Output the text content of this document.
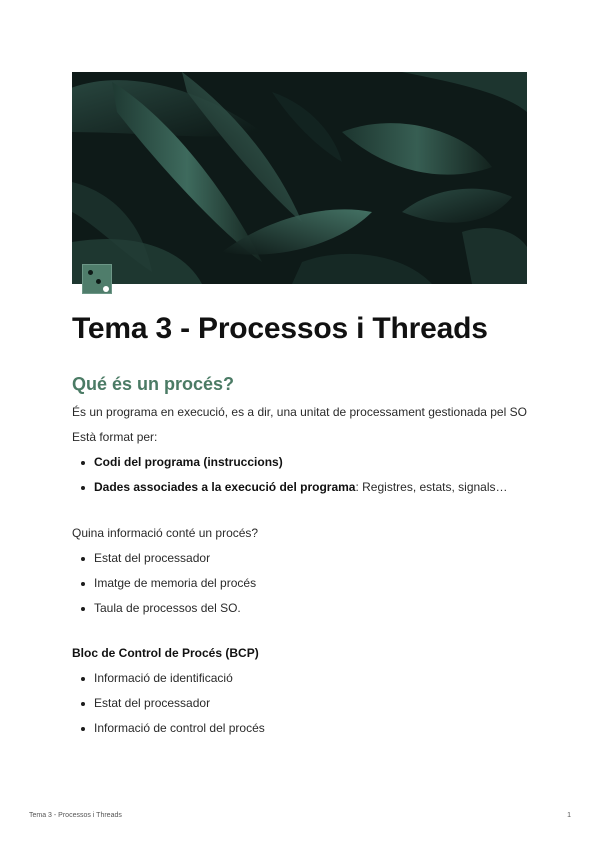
Tema 3 - Processos i Threads
Qué és un procés?

És un programa en execució, es a dir, una unitat de processament gestionada pel SO

Està format per:

Codi del programa (instruccions)
Dades associades a la execució del programa: Registres, estats, signals…

Quina informació conté un procés?

Estat del processador
Imatge de memoria del procés
Taula de processos del SO.

Bloc de Control de Procés (BCP)

Informació de identificació
Estat del processador
Informació de control del procés
Tema 3 - Processos i Threads	1
